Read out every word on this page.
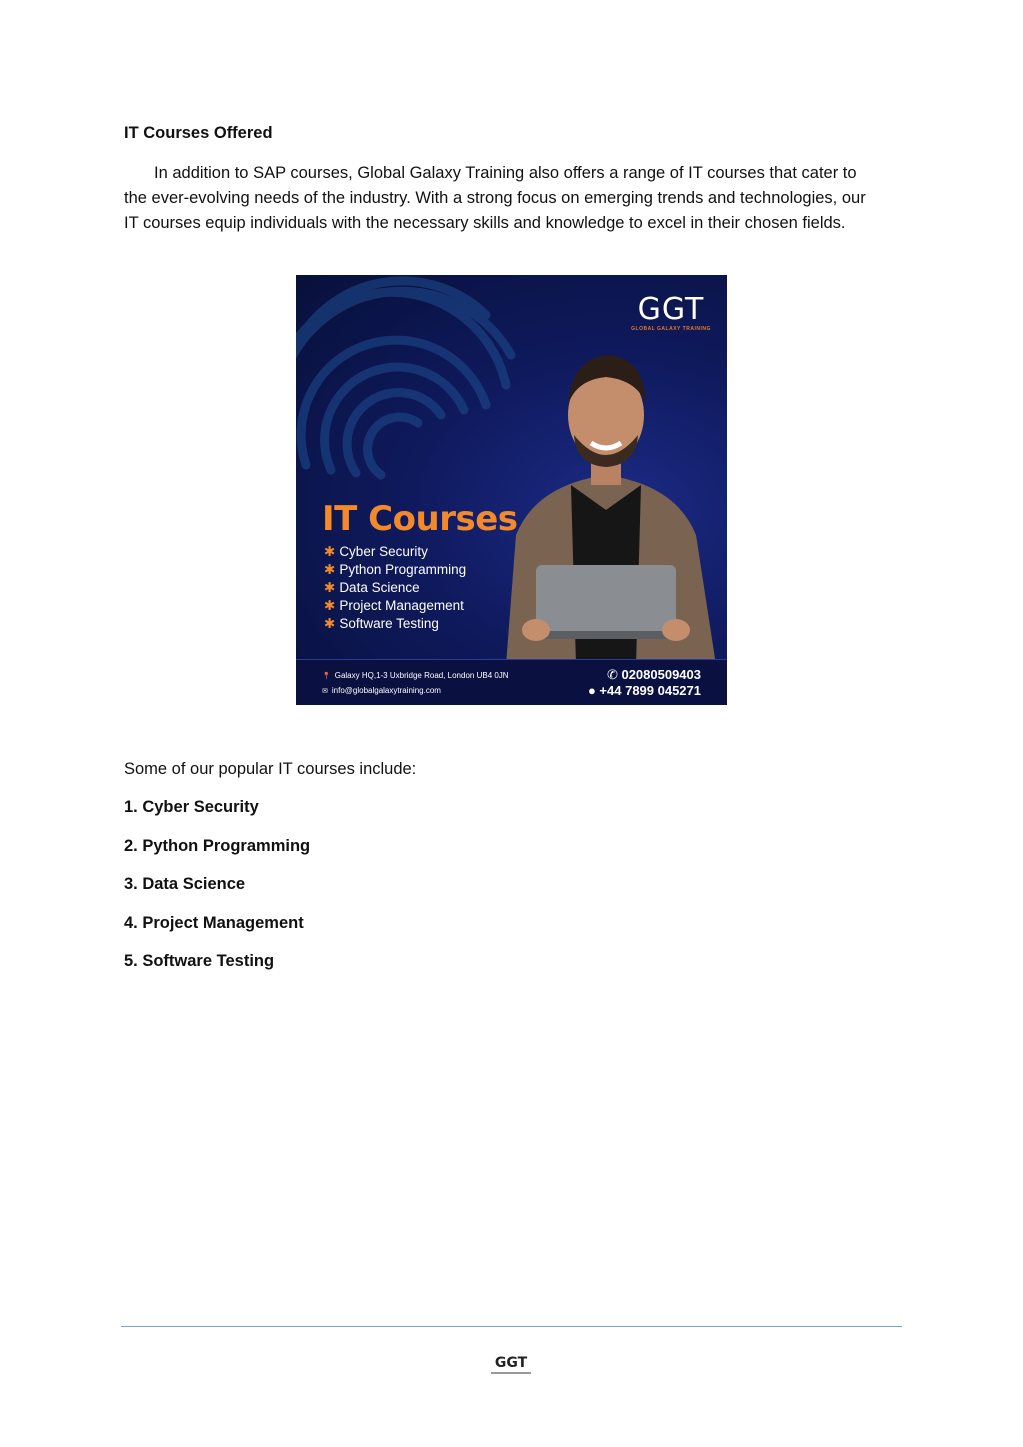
IT Courses Offered
In addition to SAP courses, Global Galaxy Training also offers a range of IT courses that cater to the ever-evolving needs of the industry. With a strong focus on emerging trends and technologies, our IT courses equip individuals with the necessary skills and knowledge to excel in their chosen fields.
GGT
GLOBAL GALAXY TRAINING
IT Courses
✱ Cyber Security
✱ Python Programming
✱ Data Science
✱ Project Management
✱ Software Testing
📍 Galaxy HQ,1-3 Uxbridge Road, London UB4 0JN
✉ info@globalgalaxytraining.com
✆ 02080509403
● +44 7899 045271
Some of our popular IT courses include:
1. Cyber Security
2. Python Programming
3. Data Science
4. Project Management
5. Software Testing
GGT
